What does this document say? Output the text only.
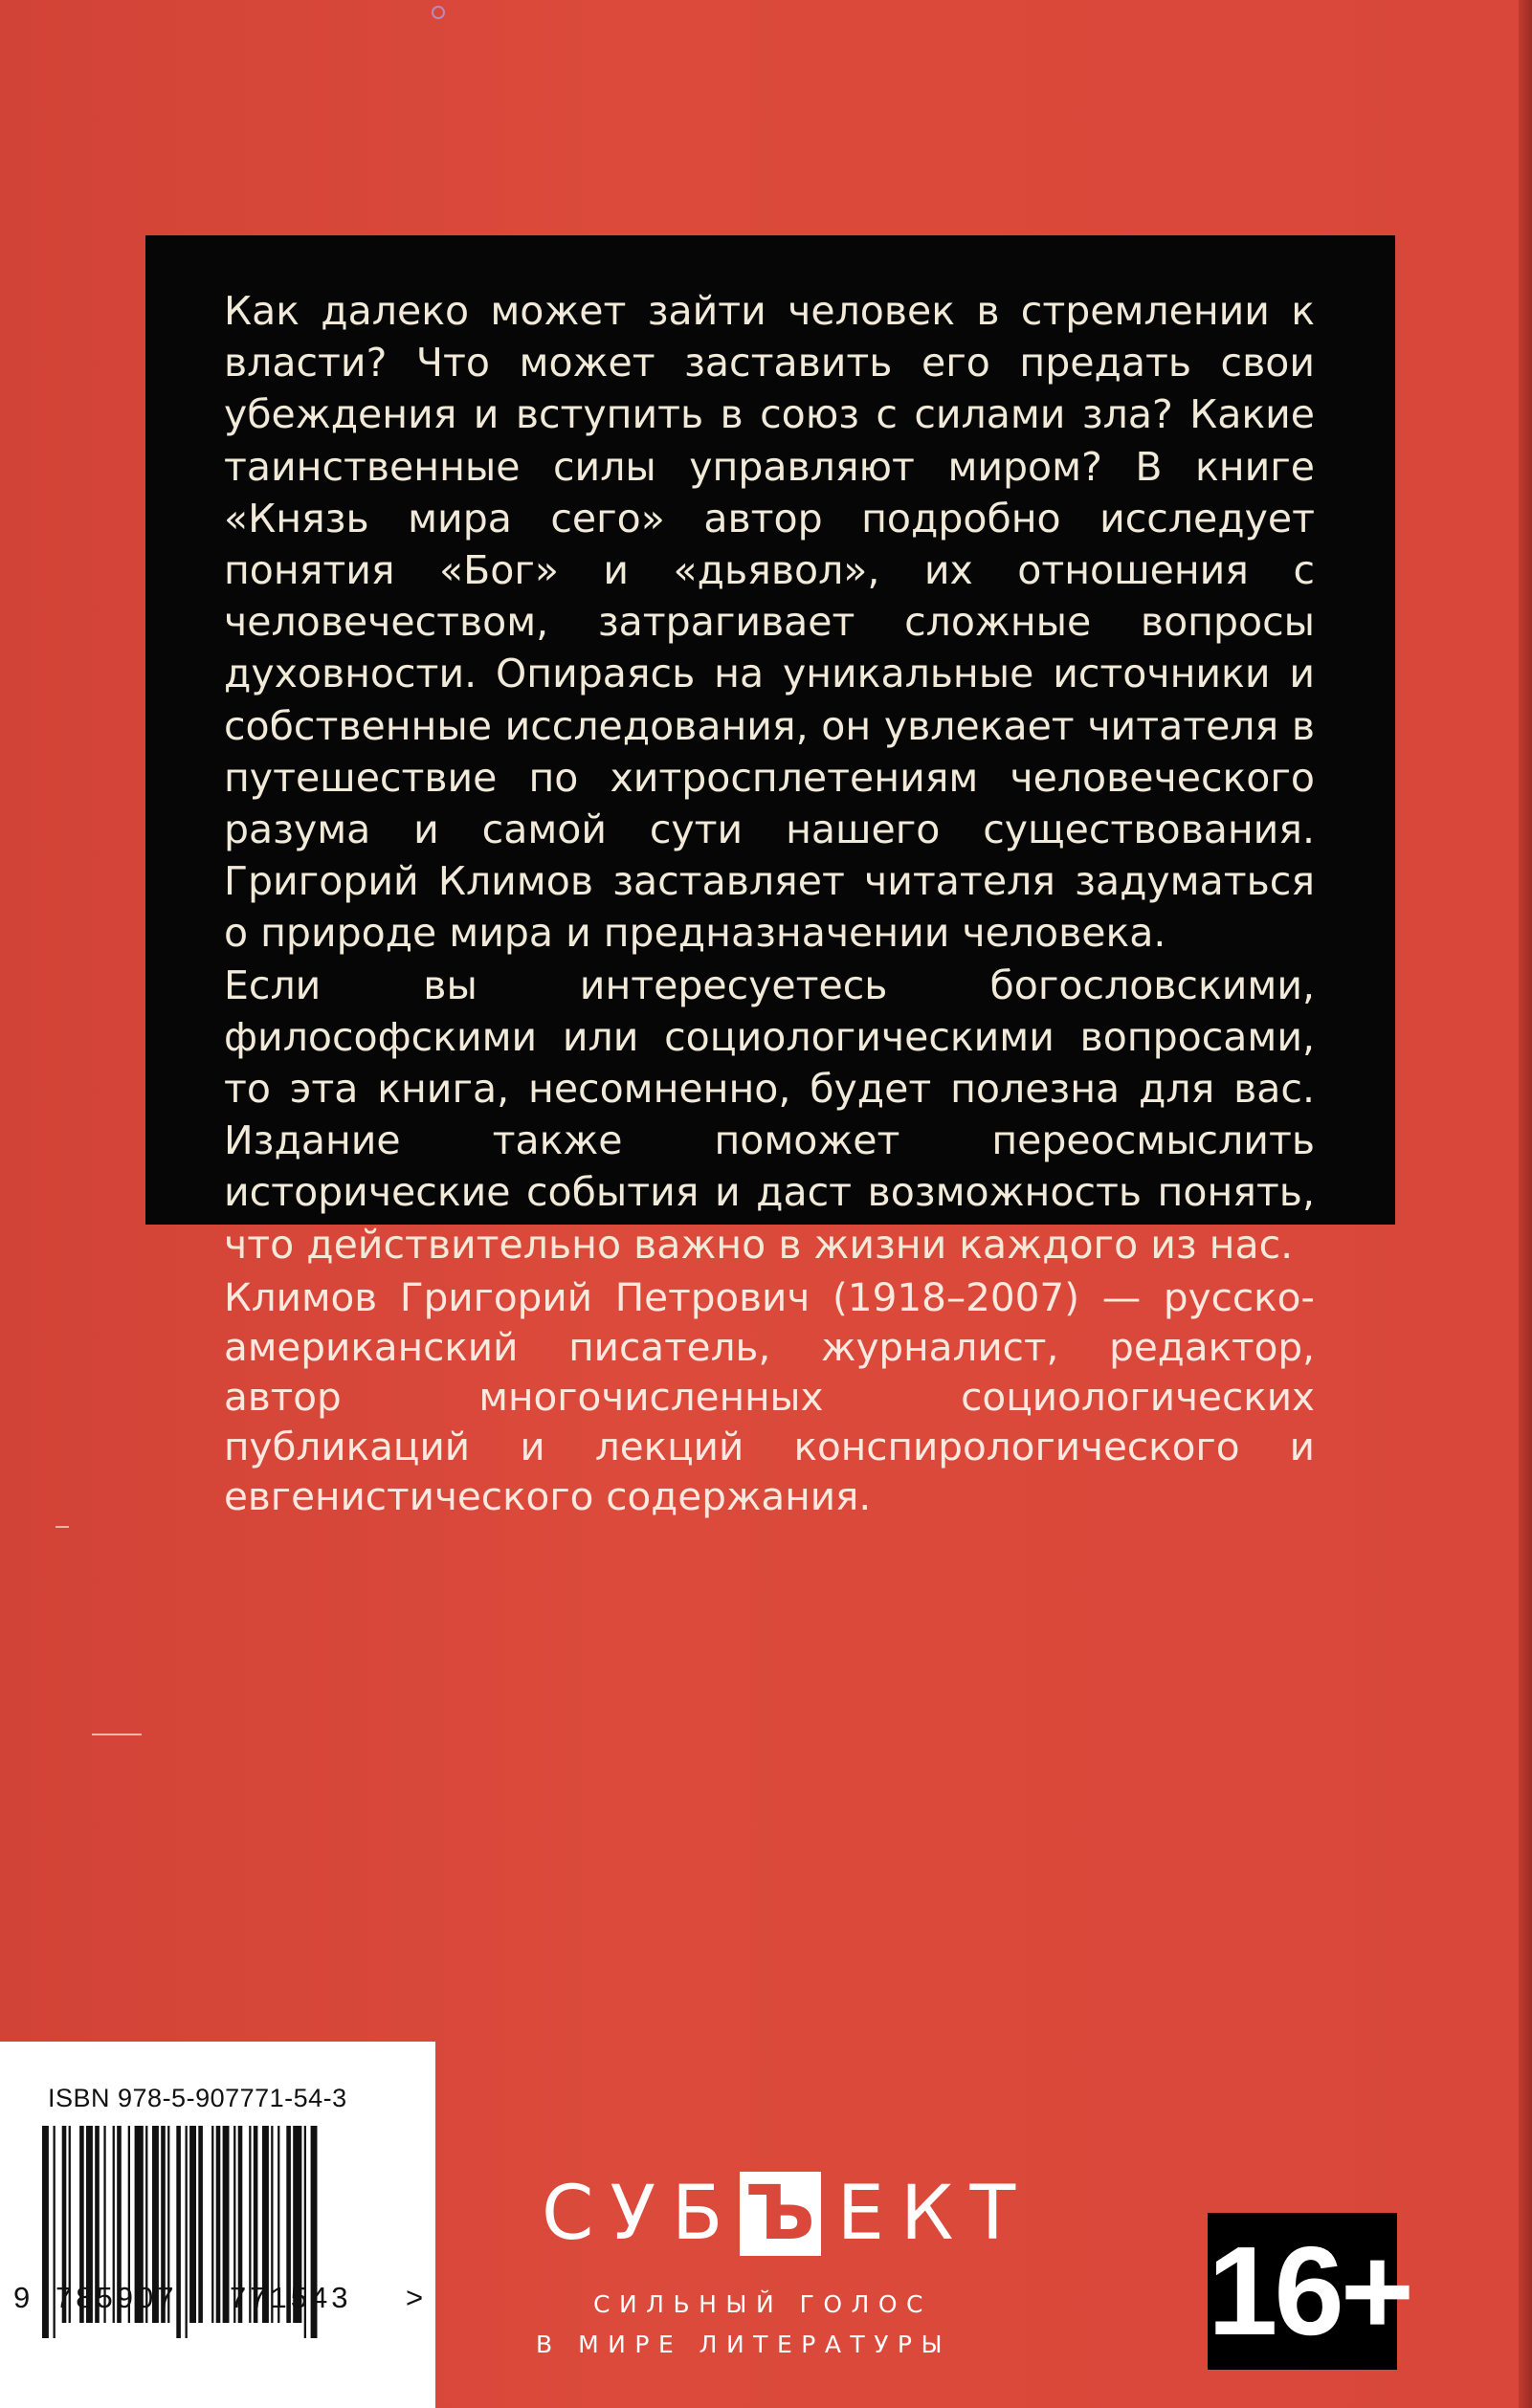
Как далеко может зайти человек в стремлении к власти? Что может заставить его предать свои убеждения и вступить в союз с силами зла? Какие таинственные силы управляют миром? В книге «Князь мира сего» автор подробно исследует понятия «Бог» и «дьявол», их отношения с человечеством, затрагивает сложные вопросы духовности. Опираясь на уникальные источники и собственные исследования, он увлекает читателя в путешествие по хитросплетениям человеческого разума и самой сути нашего существования. Григорий Климов заставляет читателя задуматься о природе мира и предназначении человека.

Если вы интересуетесь богословскими, философскими или социологическими вопросами, то эта книга, несомненно, будет полезна для вас. Издание также поможет переосмыслить исторические события и даст возможность понять, что действительно важно в жизни каждого из нас.

Климов Григорий Петрович (1918–2007) — русско-американский писатель, журналист, редактор, автор многочисленных социологических публикаций и лекций конспирологического и евгенистического содержания.

ISBN 978-5-907771-54-3

9 785907 771543 >
СУБЪ ЕКТ

СИЛЬНЫЙ ГОЛОС

В МИРЕ ЛИТЕРАТУРЫ	16+
